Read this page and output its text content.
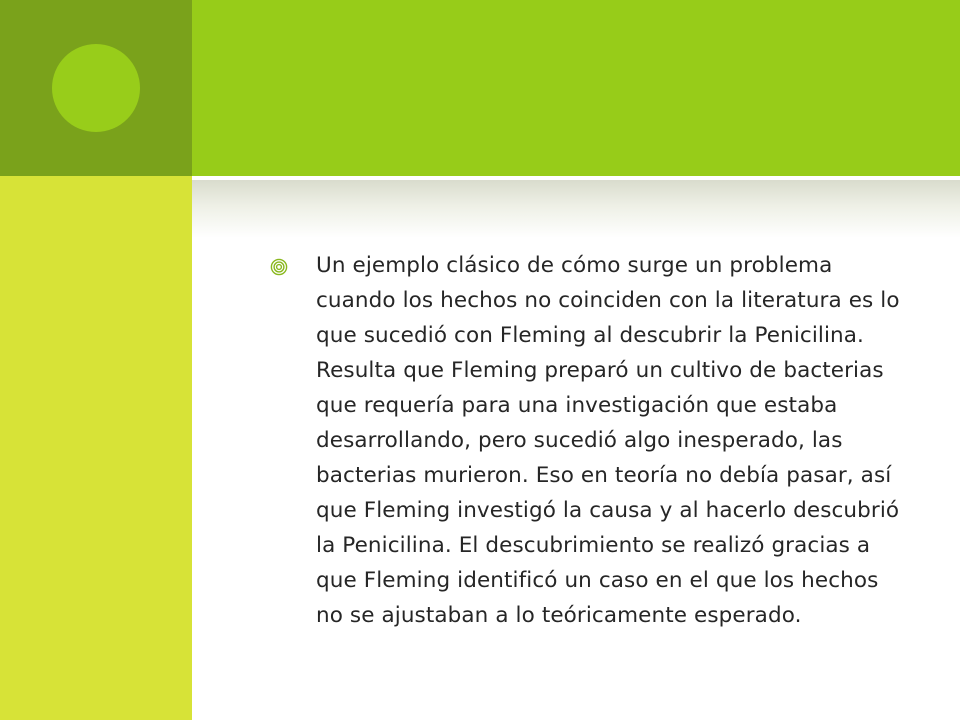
Un ejemplo clásico de cómo surge un problema cuando los hechos no coinciden con la literatura es lo que sucedió con Fleming al descubrir la Penicilina. Resulta que Fleming preparó un cultivo de bacterias que requería para una investigación que estaba desarrollando, pero sucedió algo inesperado, las bacterias murieron. Eso en teoría no debía pasar, así que Fleming investigó la causa y al hacerlo descubrió la Penicilina. El descubrimiento se realizó gracias a que Fleming identificó un caso en el que los hechos no se ajustaban a lo teóricamente esperado.
